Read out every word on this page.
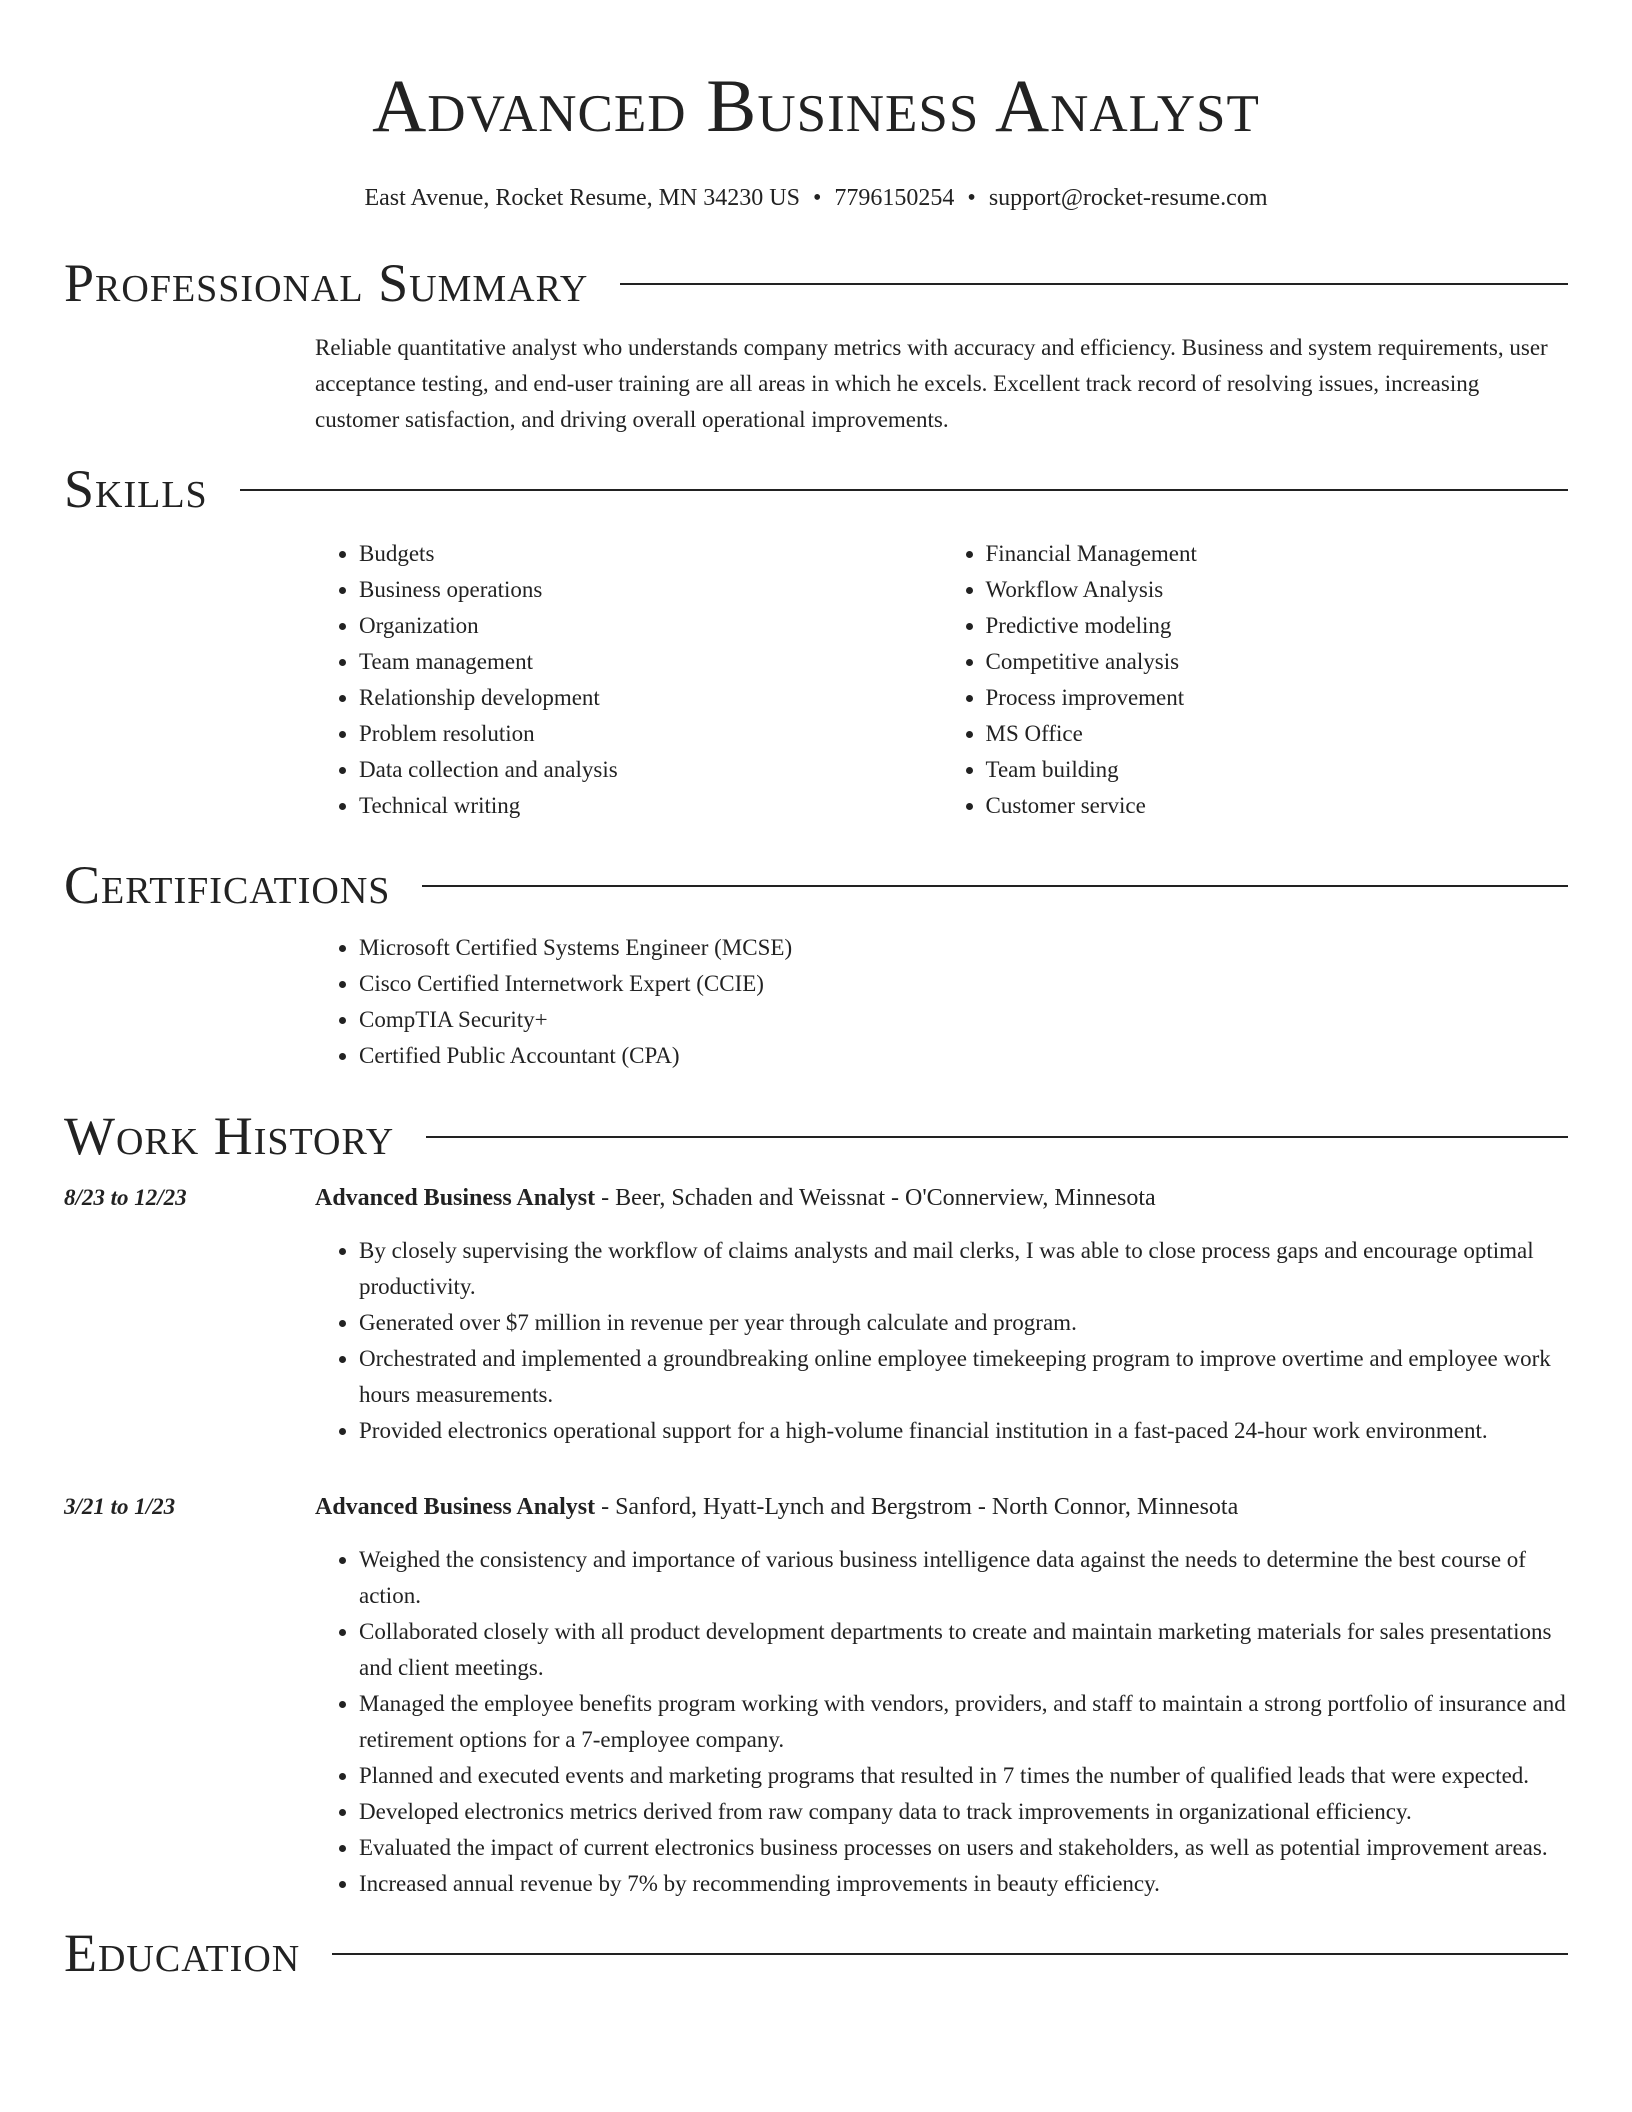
Advanced Business Analyst
East Avenue, Rocket Resume, MN 34230 US • 7796150254 • support@rocket-resume.com
Professional Summary
Reliable quantitative analyst who understands company metrics with accuracy and efficiency. Business and system requirements, user acceptance testing, and end-user training are all areas in which he excels. Excellent track record of resolving issues, increasing customer satisfaction, and driving overall operational improvements.
Skills
• Budgets
• Business operations
• Organization
• Team management
• Relationship development
• Problem resolution
• Data collection and analysis
• Technical writing
• Financial Management
• Workflow Analysis
• Predictive modeling
• Competitive analysis
• Process improvement
• MS Office
• Team building
• Customer service
Certifications
• Microsoft Certified Systems Engineer (MCSE)
• Cisco Certified Internetwork Expert (CCIE)
• CompTIA Security+
• Certified Public Accountant (CPA)
Work History
8/23 to 12/23	Advanced Business Analyst - Beer, Schaden and Weissnat - O'Connerview, Minnesota
• By closely supervising the workflow of claims analysts and mail clerks, I was able to close process gaps and encourage optimal productivity.
• Generated over $7 million in revenue per year through calculate and program.
• Orchestrated and implemented a groundbreaking online employee timekeeping program to improve overtime and employee work hours measurements.
• Provided electronics operational support for a high-volume financial institution in a fast-paced 24-hour work environment.
3/21 to 1/23	Advanced Business Analyst - Sanford, Hyatt-Lynch and Bergstrom - North Connor, Minnesota
• Weighed the consistency and importance of various business intelligence data against the needs to determine the best course of action.
• Collaborated closely with all product development departments to create and maintain marketing materials for sales presentations and client meetings.
• Managed the employee benefits program working with vendors, providers, and staff to maintain a strong portfolio of insurance and retirement options for a 7-employee company.
• Planned and executed events and marketing programs that resulted in 7 times the number of qualified leads that were expected.
• Developed electronics metrics derived from raw company data to track improvements in organizational efficiency.
• Evaluated the impact of current electronics business processes on users and stakeholders, as well as potential improvement areas.
• Increased annual revenue by 7% by recommending improvements in beauty efficiency.
Education
